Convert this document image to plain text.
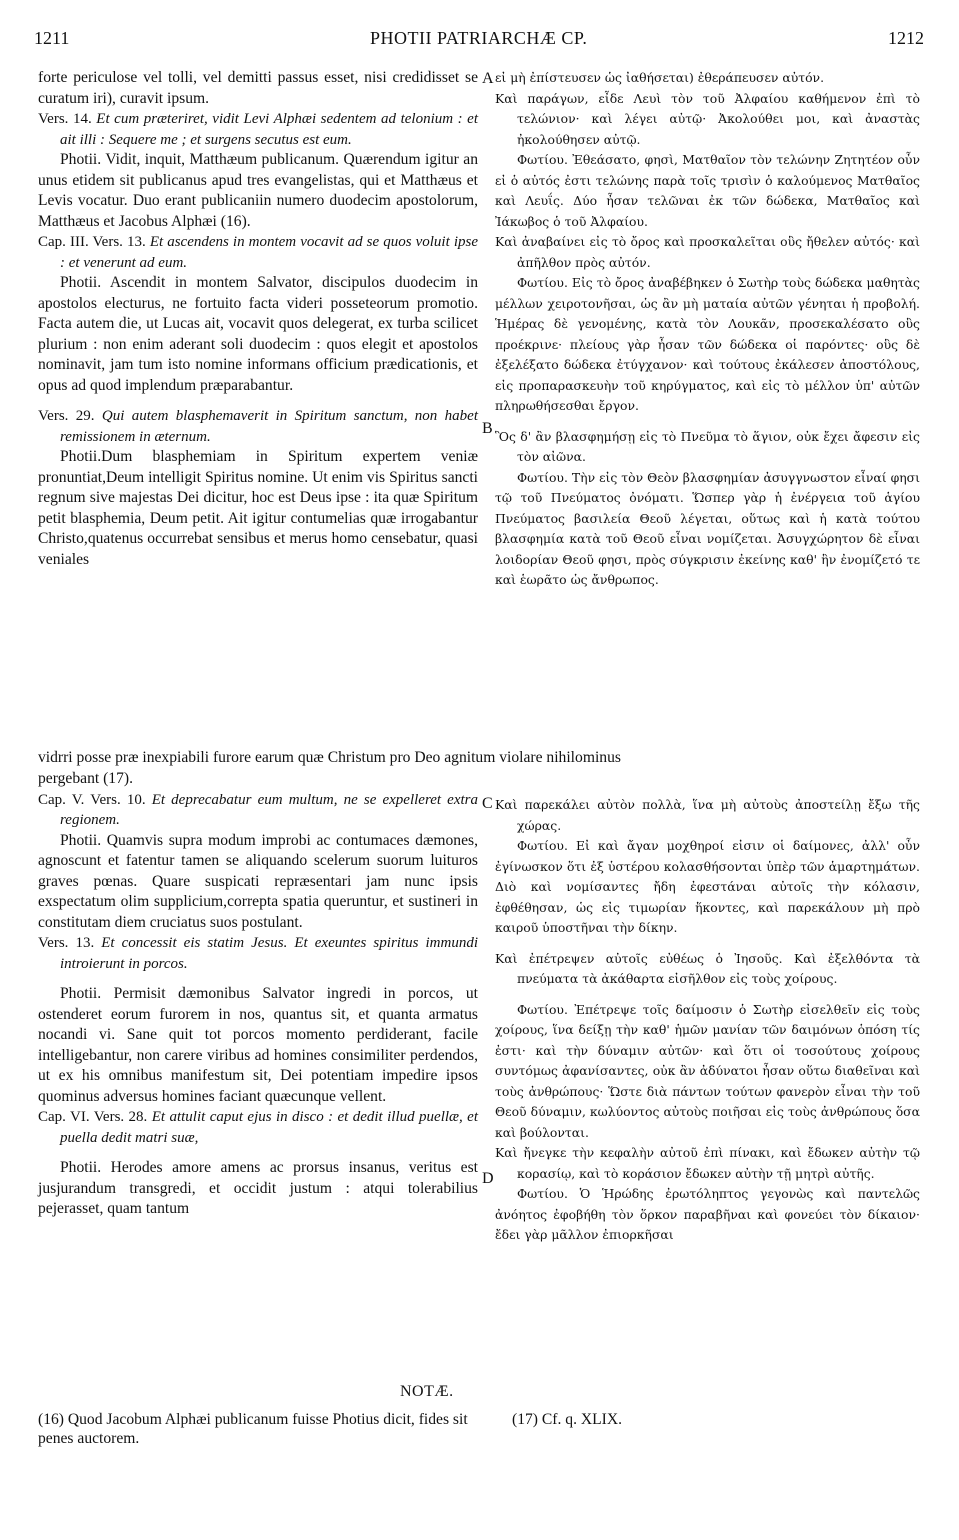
1211	PHOTII PATRIARCHÆ CP.	1212
A
B
C
D

forte periculose vel tolli, vel demitti passus esset, nisi credidisset se curatum iri), curavit ipsum.

Vers. 14. Et cum præteriret, vidit Levi Alphæi sedentem ad telonium : et ait illi : Sequere me ; et surgens secutus est eum.

Photii. Vidit, inquit, Matthæum publicanum. Quærendum igitur an unus etidem sit publicanus apud tres evangelistas, qui et Matthæus et Levis vocatur. Duo erant publicaniin numero duodecim apostolorum, Matthæus et Jacobus Alphæi (16).

Cap. III. Vers. 13. Et ascendens in montem vocavit ad se quos voluit ipse : et venerunt ad eum.

Photii. Ascendit in montem Salvator, discipulos duodecim in apostolos electurus, ne fortuito facta videri posseteorum promotio. Facta autem die, ut Lucas ait, vocavit quos delegerat, ex turba scilicet plurium : non enim aderant soli duodecim : quos elegit et apostolos nominavit, jam tum isto nomine informans officium prædicationis, et opus ad quod implendum præparabantur.

Vers. 29. Qui autem blasphemaverit in Spiritum sanctum, non habet remissionem in æternum.

Photii.Dum blasphemiam in Spiritum expertem veniæ pronuntiat,Deum intelligit Spiritus nomine. Ut enim vis Spiritus sancti regnum sive majestas Dei dicitur, hoc est Deus ipse : ita quæ Spiritum petit blasphemia, Deum petit. Ait igitur contumelias quæ irrogabantur Christo,quatenus occurrebat sensibus et merus homo censebatur, quasi veniales

εἰ μὴ ἐπίστευσεν ὡς ἰαθήσεται) ἐθεράπευσεν αὐτόν.

Καὶ παράγων, εἶδε Λευὶ τὸν τοῦ Ἀλφαίου καθήμενον ἐπὶ τὸ τελώνιον· καὶ λέγει αὐτῷ· Ἀκολούθει μοι, καὶ ἀναστὰς ἠκολούθησεν αὐτῷ.

Φωτίου. Ἐθεάσατο, φησὶ, Ματθαῖον τὸν τελώνην Ζητητέον οὖν εἰ ὁ αὐτός ἐστι τελώνης παρὰ τοῖς τρισὶν ὁ καλούμενος Ματθαῖος καὶ Λευΐς. Δύο ἦσαν τελῶναι ἐκ τῶν δώδεκα, Ματθαῖος καὶ Ἰάκωβος ὁ τοῦ Ἀλφαίου.

Καὶ ἀναβαίνει εἰς τὸ ὄρος καὶ προσκαλεῖται οὓς ἤθελεν αὐτός· καὶ ἀπῆλθον πρὸς αὐτόν.

Φωτίου. Εἰς τὸ ὄρος ἀναβέβηκεν ὁ Σωτὴρ τοὺς δώδεκα μαθητὰς μέλλων χειροτονῆσαι, ὡς ἂν μὴ ματαία αὐτῶν γένηται ἡ προβολή. Ἡμέρας δὲ γενομένης, κατὰ τὸν Λουκᾶν, προσεκαλέσατο οὓς προέκρινε· πλείους γὰρ ἦσαν τῶν δώδεκα οἱ παρόντες· οὓς δὲ ἐξελέξατο δώδεκα ἐτύγχανον· καὶ τούτους ἐκάλεσεν ἀποστόλους, εἰς προπαρασκευὴν τοῦ κηρύγματος, καὶ εἰς τὸ μέλλον ὑπ' αὐτῶν πληρωθήσεσθαι ἔργον.

Ὃς δ' ἂν βλασφημήσῃ εἰς τὸ Πνεῦμα τὸ ἅγιον, οὐκ ἔχει ἄφεσιν εἰς τὸν αἰῶνα.

Φωτίου. Τὴν εἰς τὸν Θεὸν βλασφημίαν ἀσυγγνωστον εἶναί φησι τῷ τοῦ Πνεύματος ὀνόματι. Ὥσπερ γὰρ ἡ ἐνέργεια τοῦ ἁγίου Πνεύματος βασιλεία Θεοῦ λέγεται, οὕτως καὶ ἡ κατὰ τούτου βλασφημία κατὰ τοῦ Θεοῦ εἶναι νομίζεται. Ἀσυγχώρητον δὲ εἶναι λοιδορίαν Θεοῦ φησι, πρὸς σύγκρισιν ἐκείνης καθ' ἣν ἐνομίζετό τε καὶ ἑωρᾶτο ὡς ἄνθρωπος.

vidrri posse præ inexpiabili furore earum quæ Christum pro Deo agnitum violare nihilominus

pergebant (17).

Cap. V. Vers. 10. Et deprecabatur eum multum, ne se expelleret extra regionem.

Photii. Quamvis supra modum improbi ac contumaces dæmones, agnoscunt et fatentur tamen se aliquando scelerum suorum luituros graves pœnas. Quare suspicati repræsentari jam nunc ipsis exspectatum olim supplicium,correpta spatia queruntur, et sustineri in constitutam diem cruciatus suos postulant.

Vers. 13. Et concessit eis statim Jesus. Et exeuntes spiritus immundi introierunt in porcos.

Photii. Permisit dæmonibus Salvator ingredi in porcos, ut ostenderet eorum furorem in nos, quantus sit, et quanta armatus nocandi vi. Sane quit tot porcos momento perdiderant, facile intelligebantur, non carere viribus ad homines consimiliter perdendos, ut ex his omnibus manifestum sit, Dei potentiam impedire ipsos quominus adversus homines faciant quæcunque vellent.

Cap. VI. Vers. 28. Et attulit caput ejus in disco : et dedit illud puellæ, et puella dedit matri suæ,

Photii. Herodes amore amens ac prorsus insanus, veritus est jusjurandum transgredi, et occidit justum : atqui tolerabilius pejerasset, quam tantum

Καὶ παρεκάλει αὐτὸν πολλὰ, ἵνα μὴ αὐτοὺς ἀποστείλῃ ἔξω τῆς χώρας.

Φωτίου. Εἰ καὶ ἄγαν μοχθηροί εἰσιν οἱ δαίμονες, ἀλλ' οὖν ἐγίνωσκον ὅτι ἐξ ὑστέρου κολασθήσονται ὑπὲρ τῶν ἁμαρτημάτων. Διὸ καὶ νομίσαντες ἤδη ἐφεστάναι αὐτοῖς τὴν κόλασιν, ἐφθέθησαν, ὡς εἰς τιμωρίαν ἥκοντες, καὶ παρεκάλουν μὴ πρὸ καιροῦ ὑποστῆναι τὴν δίκην.

Καὶ ἐπέτρεψεν αὐτοῖς εὐθέως ὁ Ἰησοῦς. Καὶ ἐξελθόντα τὰ πνεύματα τὰ ἀκάθαρτα εἰσῆλθον εἰς τοὺς χοίρους.

Φωτίου. Ἐπέτρεψε τοῖς δαίμοσιν ὁ Σωτὴρ εἰσελθεῖν εἰς τοὺς χοίρους, ἵνα δείξῃ τὴν καθ' ἡμῶν μανίαν τῶν δαιμόνων ὁπόση τίς ἐστι· καὶ τὴν δύναμιν αὐτῶν· καὶ ὅτι οἱ τοσούτους χοίρους συντόμως ἀφανίσαντες, οὐκ ἂν ἀδύνατοι ἦσαν οὕτω διαθεῖναι καὶ τοὺς ἀνθρώπους· Ὥστε διὰ πάντων τούτων φανερὸν εἶναι τὴν τοῦ Θεοῦ δύναμιν, κωλύοντος αὐτοὺς ποιῆσαι εἰς τοὺς ἀνθρώπους ὅσα καὶ βούλονται.

Καὶ ἤνεγκε τὴν κεφαλὴν αὐτοῦ ἐπὶ πίνακι, καὶ ἔδωκεν αὐτὴν τῷ κορασίῳ, καὶ τὸ κοράσιον ἔδωκεν αὐτὴν τῇ μητρὶ αὐτῆς.

Φωτίου. Ὁ Ἡρώδης ἐρωτόληπτος γεγονὼς καὶ παντελῶς ἀνόητος ἐφοβήθη τὸν ὅρκον παραβῆναι καὶ φονεύει τὸν δίκαιον· ἔδει γὰρ μᾶλλον ἐπιορκῆσαι

NOTÆ.
(16) Quod Jacobum Alphæi publicanum fuisse Photius dicit, fides sit penes auctorem.
(17) Cf. q. XLIX.
